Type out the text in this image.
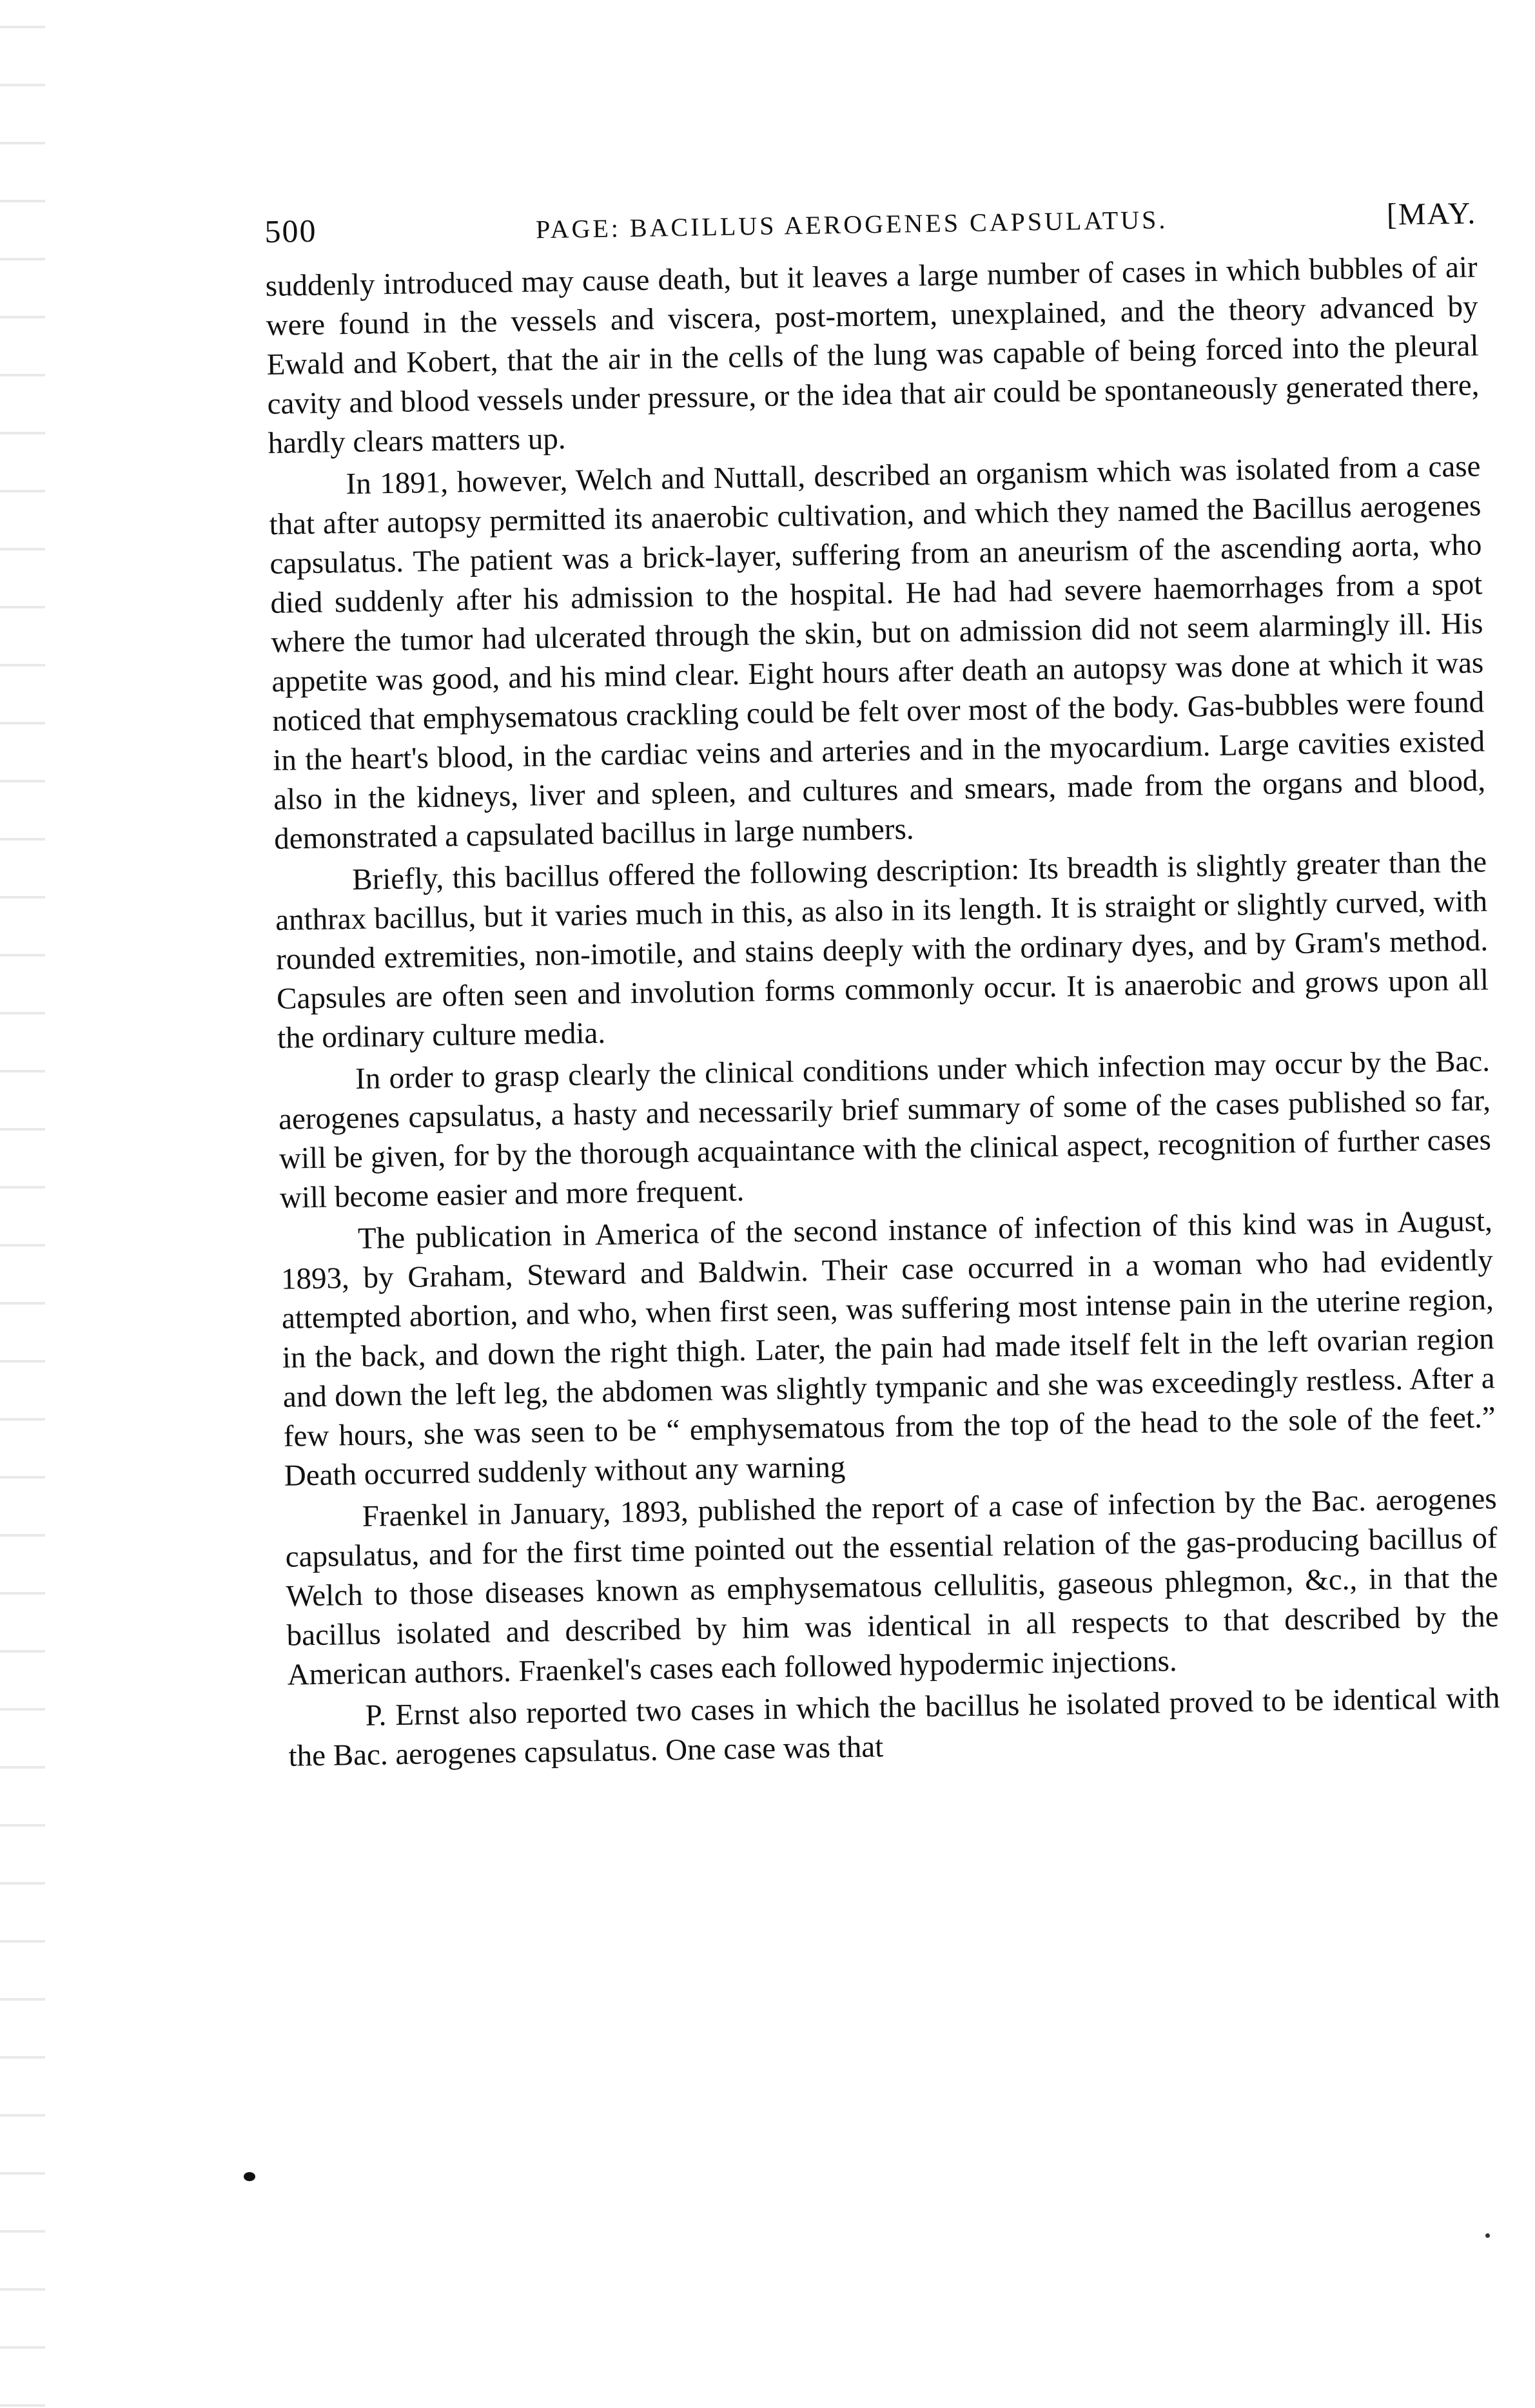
500	PAGE: BACILLUS AEROGENES CAPSULATUS.	[MAY.

suddenly introduced may cause death, but it leaves a large number of cases in which bubbles of air were found in the vessels and viscera, post-mortem, unexplained, and the theory advanced by Ewald and Kobert, that the air in the cells of the lung was capable of being forced into the pleural cavity and blood vessels under pressure, or the idea that air could be spontaneously generated there, hardly clears matters up.

In 1891, however, Welch and Nuttall, described an organism which was isolated from a case that after autopsy permitted its anaerobic cultivation, and which they named the Bacillus aerogenes capsulatus. The patient was a brick-layer, suffering from an aneurism of the ascending aorta, who died suddenly after his admission to the hospital. He had had severe haemorrhages from a spot where the tumor had ulcerated through the skin, but on admission did not seem alarmingly ill. His appetite was good, and his mind clear. Eight hours after death an autopsy was done at which it was noticed that emphysematous crackling could be felt over most of the body. Gas-bubbles were found in the heart's blood, in the cardiac veins and arteries and in the myocardium. Large cavities existed also in the kidneys, liver and spleen, and cultures and smears, made from the organs and blood, demonstrated a capsulated bacillus in large numbers.

Briefly, this bacillus offered the following description: Its breadth is slightly greater than the anthrax bacillus, but it varies much in this, as also in its length. It is straight or slightly curved, with rounded extremities, non-imotile, and stains deeply with the ordinary dyes, and by Gram's method. Capsules are often seen and involution forms commonly occur. It is anaerobic and grows upon all the ordinary culture media.

In order to grasp clearly the clinical conditions under which infection may occur by the Bac. aerogenes capsulatus, a hasty and necessarily brief summary of some of the cases published so far, will be given, for by the thorough acquaintance with the clinical aspect, recognition of further cases will become easier and more frequent.

The publication in America of the second instance of infection of this kind was in August, 1893, by Graham, Steward and Baldwin. Their case occurred in a woman who had evidently attempted abortion, and who, when first seen, was suffering most intense pain in the uterine region, in the back, and down the right thigh. Later, the pain had made itself felt in the left ovarian region and down the left leg, the abdomen was slightly tympanic and she was exceedingly restless. After a few hours, she was seen to be “ emphysematous from the top of the head to the sole of the feet.” Death occurred suddenly without any warning

Fraenkel in January, 1893, published the report of a case of infection by the Bac. aerogenes capsulatus, and for the first time pointed out the essential relation of the gas-producing bacillus of Welch to those diseases known as emphysematous cellulitis, gaseous phlegmon, &c., in that the bacillus isolated and described by him was identical in all respects to that described by the American authors. Fraenkel's cases each followed hypodermic injections.

P. Ernst also reported two cases in which the bacillus he isolated proved to be identical with the Bac. aerogenes capsulatus. One case was that
